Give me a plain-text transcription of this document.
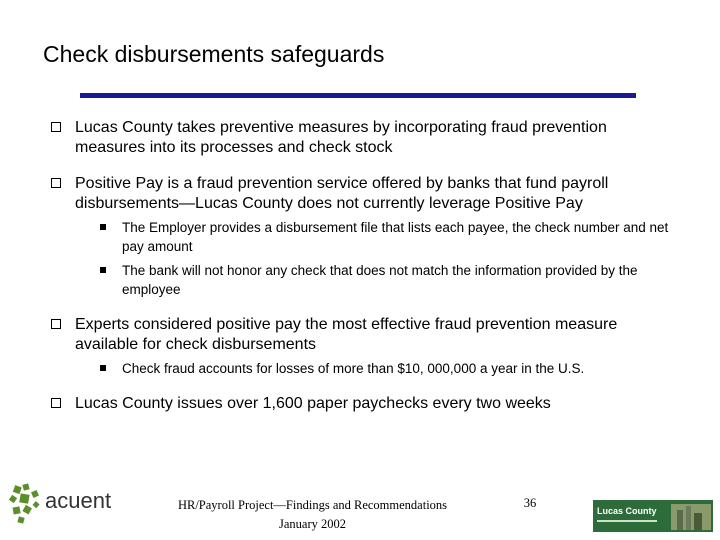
Check disbursements safeguards
Lucas County takes preventive measures by incorporating fraud prevention measures into its processes and check stock
Positive Pay is a fraud prevention service offered by banks that fund payroll disbursements—Lucas County does not currently leverage Positive Pay
The Employer provides a disbursement file that lists each payee, the check number and net pay amount
The bank will not honor any check that does not match the information provided by the employee
Experts considered positive pay the most effective fraud prevention measure available for check disbursements
Check fraud accounts for losses of more than $10, 000,000 a year in the U.S.
Lucas County issues over 1,600 paper paychecks every two weeks
acuent	HR/Payroll Project—Findings and Recommendations
January 2002
36
Lucas County
